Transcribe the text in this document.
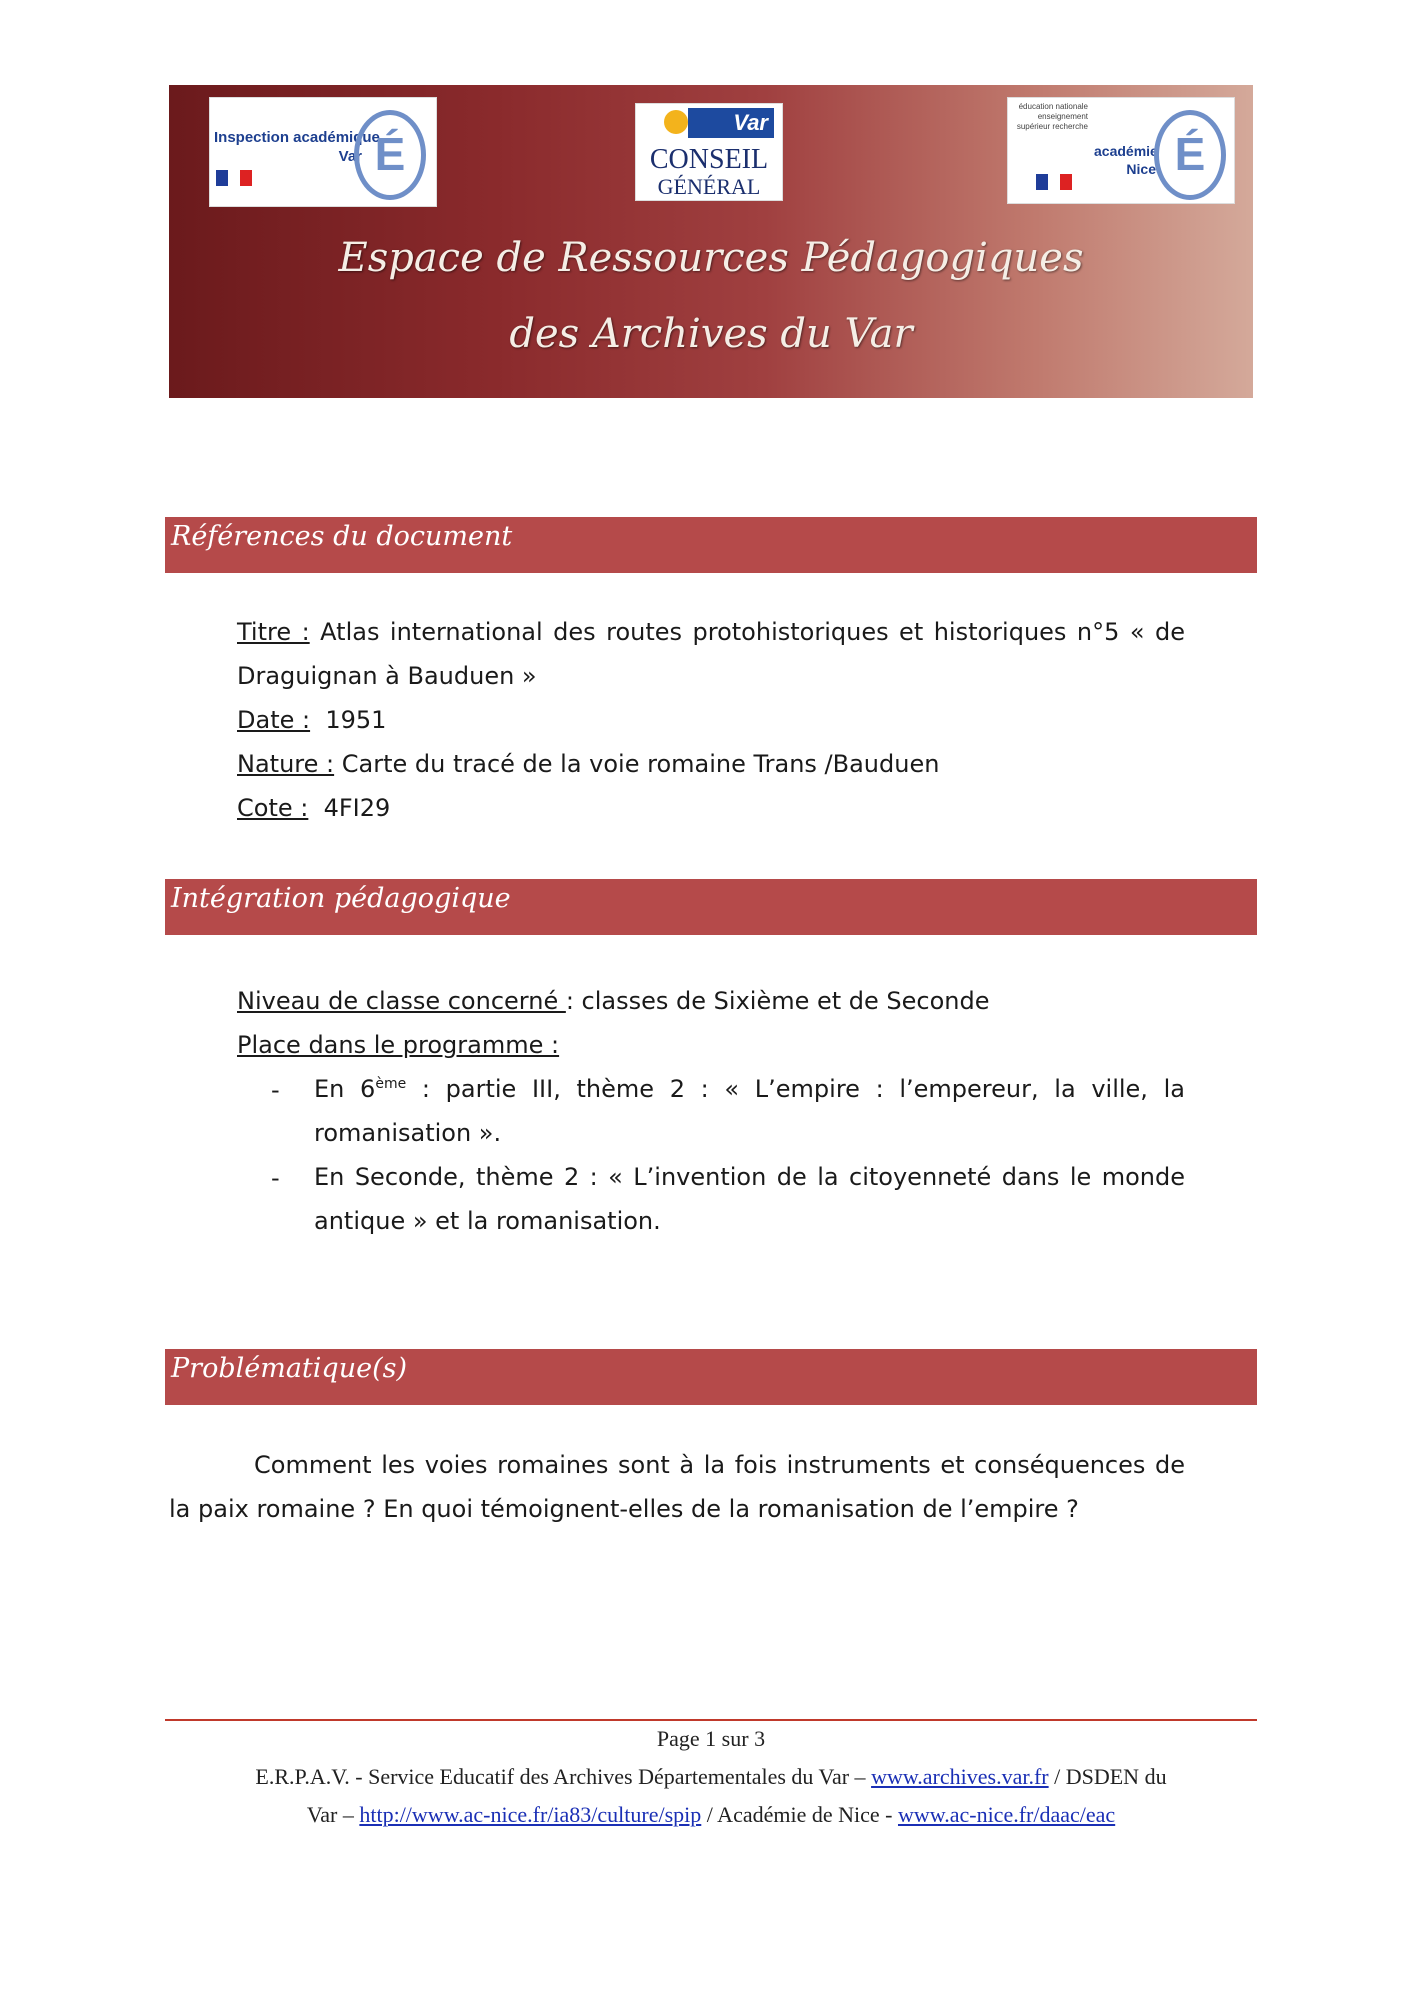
Inspection académique
Var É
Var
CONSEIL
GÉNÉRAL
éducation nationale enseignement supérieur recherche
académie
Nice É
Espace de Ressources Pédagogiques
des Archives du Var
Références du document
Titre : Atlas international des routes protohistoriques et historiques n°5 « de
Draguignan à Bauduen »
Date : 1951
Nature : Carte du tracé de la voie romaine Trans /Bauduen
Cote : 4FI29
Intégration pédagogique
Niveau de classe concerné : classes de Sixième et de Seconde
Place dans le programme :
- En 6ème : partie III, thème 2 : « L’empire : l’empereur, la ville, la
romanisation ».
- En Seconde, thème 2 : « L’invention de la citoyenneté dans le monde
antique » et la romanisation.
Problématique(s)
Comment les voies romaines sont à la fois instruments et conséquences de
la paix romaine ? En quoi témoignent-elles de la romanisation de l’empire ?
Page 1 sur 3
E.R.P.A.V. - Service Educatif des Archives Départementales du Var – www.archives.var.fr / DSDEN du
Var – http://www.ac-nice.fr/ia83/culture/spip / Académie de Nice - www.ac-nice.fr/daac/eac
